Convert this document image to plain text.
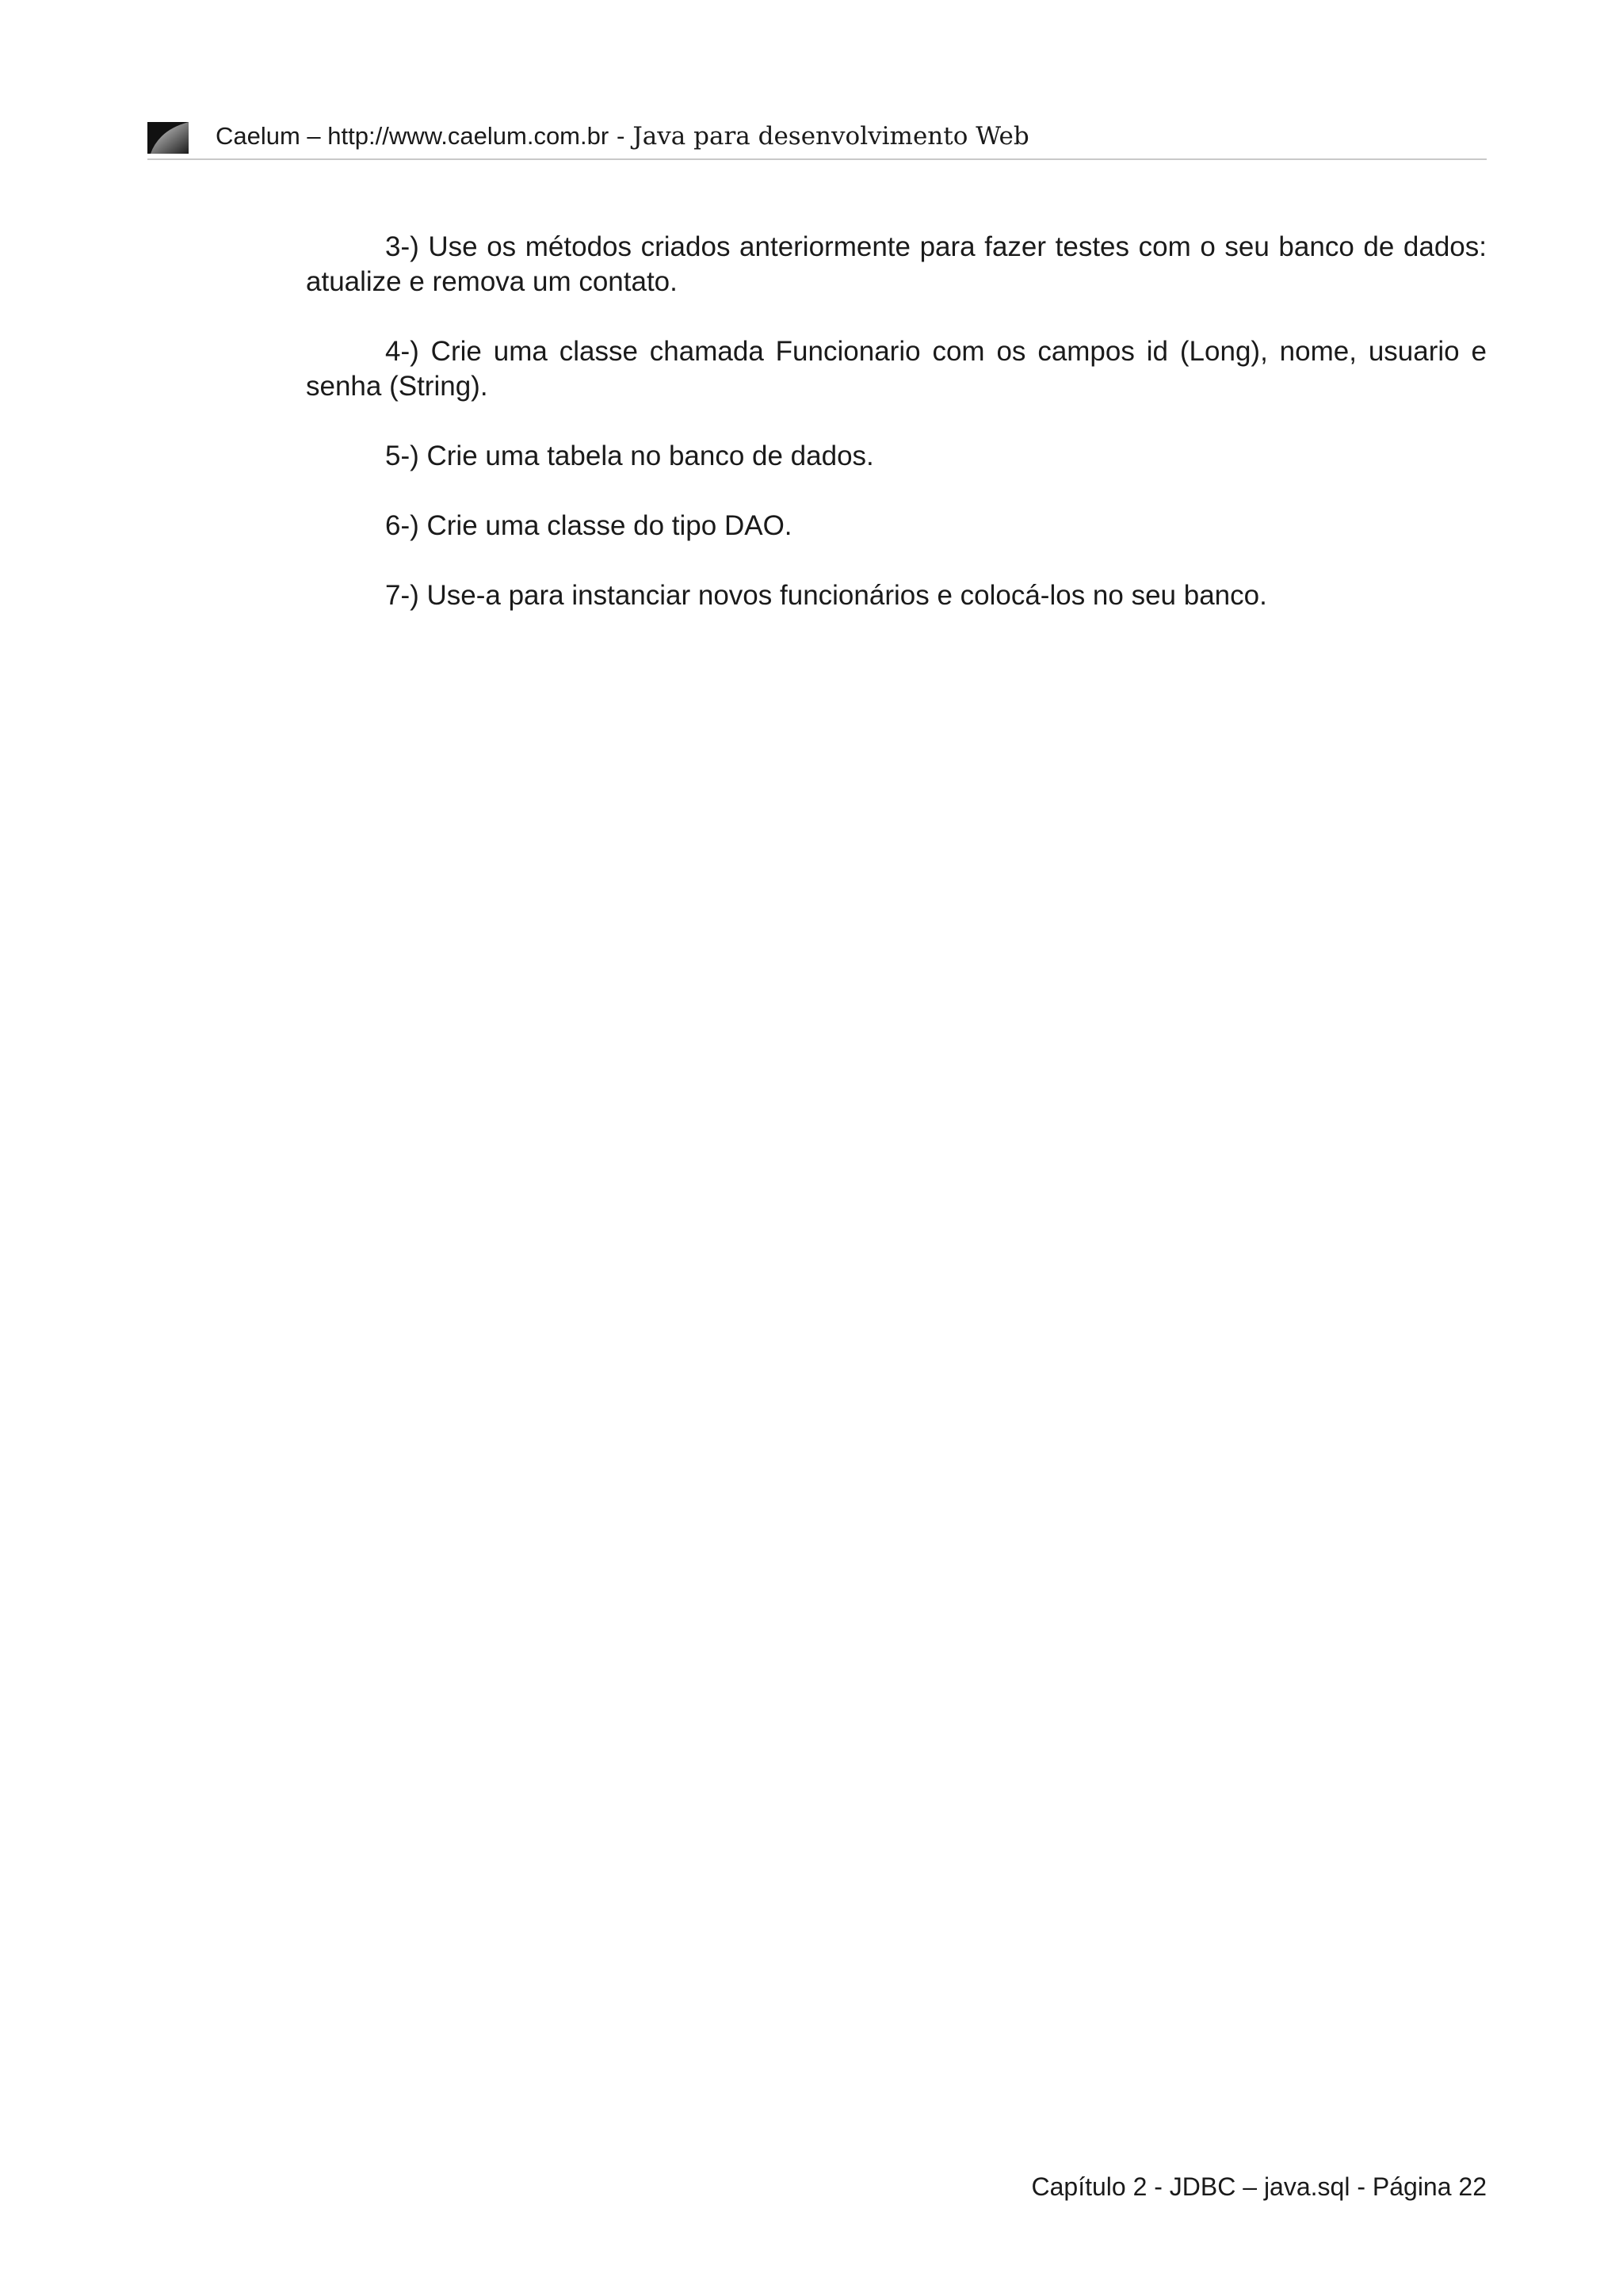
Caelum – http://www.caelum.com.br - Java para desenvolvimento Web

3-) Use os métodos criados anteriormente para fazer testes com o seu banco de dados: atualize e remova um contato.

4-) Crie uma classe chamada Funcionario com os campos id (Long), nome, usuario e senha (String).

5-) Crie uma tabela no banco de dados.

6-) Crie uma classe do tipo DAO.

7-) Use-a para instanciar novos funcionários e colocá-los no seu banco.

Capítulo 2 - JDBC – java.sql - Página 22
